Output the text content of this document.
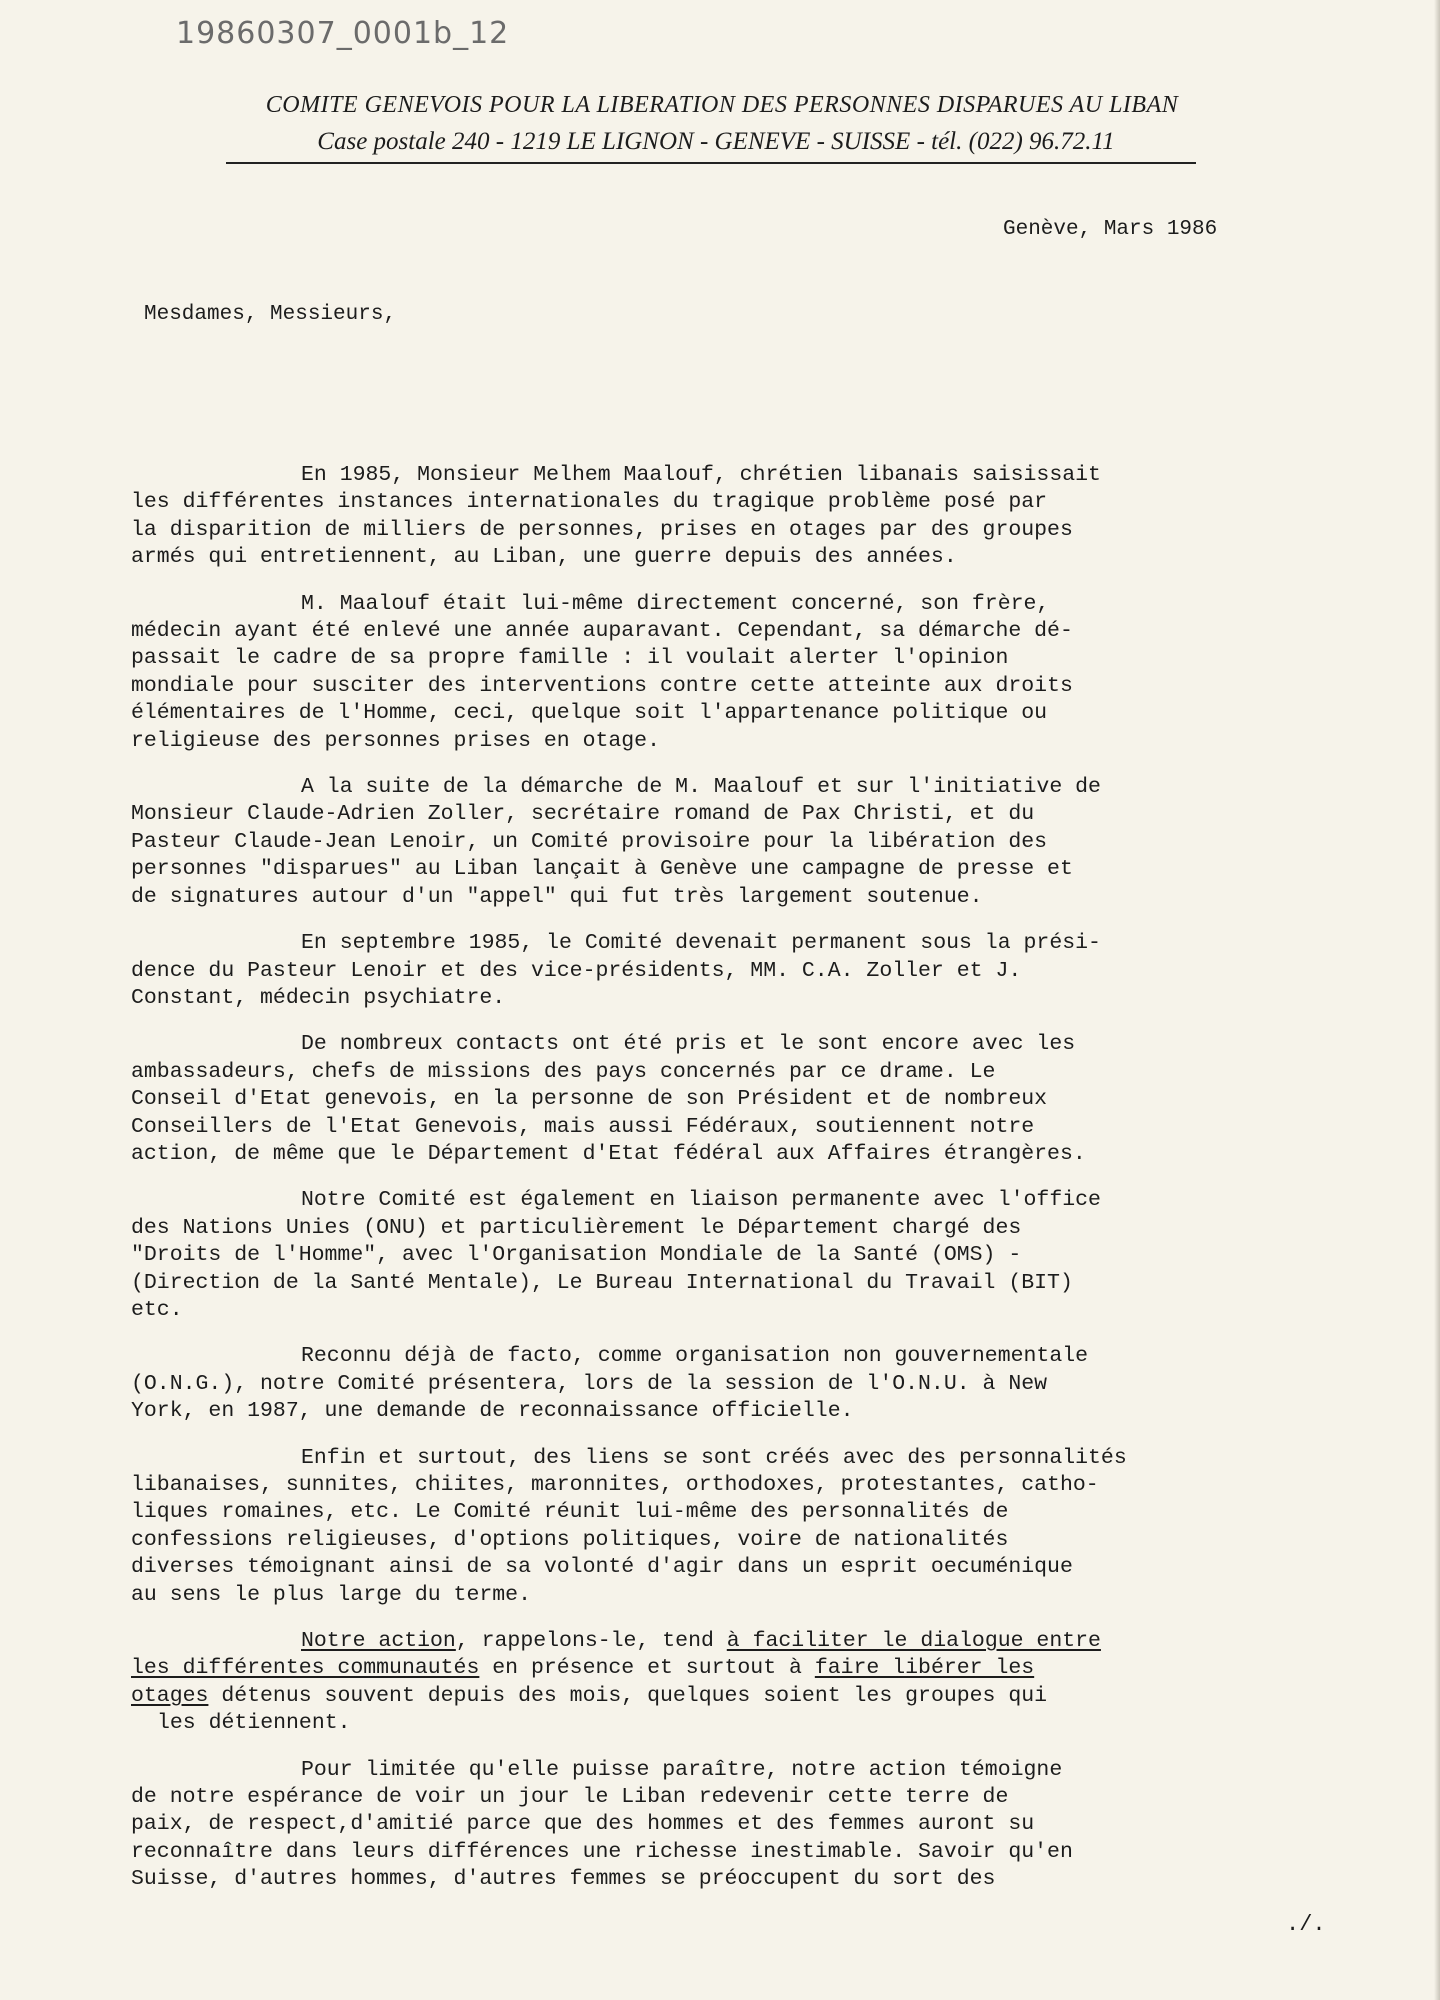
19860307_0001b_12
COMITE GENEVOIS POUR LA LIBERATION DES PERSONNES DISPARUES AU LIBAN
Case postale 240 - 1219 LE LIGNON - GENEVE - SUISSE - tél. (022) 96.72.11
Genève, Mars 1986
Mesdames, Messieurs,

En 1985, Monsieur Melhem Maalouf, chrétien libanais saisissait
les différentes instances internationales du tragique problème posé par
la disparition de milliers de personnes, prises en otages par des groupes
armés qui entretiennent, au Liban, une guerre depuis des années.

M. Maalouf était lui-même directement concerné, son frère,
médecin ayant été enlevé une année auparavant. Cependant, sa démarche dé-
passait le cadre de sa propre famille : il voulait alerter l'opinion
mondiale pour susciter des interventions contre cette atteinte aux droits
élémentaires de l'Homme, ceci, quelque soit l'appartenance politique ou
religieuse des personnes prises en otage.

A la suite de la démarche de M. Maalouf et sur l'initiative de
Monsieur Claude-Adrien Zoller, secrétaire romand de Pax Christi, et du
Pasteur Claude-Jean Lenoir, un Comité provisoire pour la libération des
personnes "disparues" au Liban lançait à Genève une campagne de presse et
de signatures autour d'un "appel" qui fut très largement soutenue.

En septembre 1985, le Comité devenait permanent sous la prési-
dence du Pasteur Lenoir et des vice-présidents, MM. C.A. Zoller et J.
Constant, médecin psychiatre.

De nombreux contacts ont été pris et le sont encore avec les
ambassadeurs, chefs de missions des pays concernés par ce drame. Le
Conseil d'Etat genevois, en la personne de son Président et de nombreux
Conseillers de l'Etat Genevois, mais aussi Fédéraux, soutiennent notre
action, de même que le Département d'Etat fédéral aux Affaires étrangères.

Notre Comité est également en liaison permanente avec l'office
des Nations Unies (ONU) et particulièrement le Département chargé des
"Droits de l'Homme", avec l'Organisation Mondiale de la Santé (OMS) -
(Direction de la Santé Mentale), Le Bureau International du Travail (BIT)
etc.

Reconnu déjà de facto, comme organisation non gouvernementale
(O.N.G.), notre Comité présentera, lors de la session de l'O.N.U. à New
York, en 1987, une demande de reconnaissance officielle.

Enfin et surtout, des liens se sont créés avec des personnalités
libanaises, sunnites, chiites, maronnites, orthodoxes, protestantes, catho-
liques romaines, etc. Le Comité réunit lui-même des personnalités de
confessions religieuses, d'options politiques, voire de nationalités
diverses témoignant ainsi de sa volonté d'agir dans un esprit oecuménique
au sens le plus large du terme.

Notre action, rappelons-le, tend à faciliter le dialogue entre
les différentes communautés en présence et surtout à faire libérer les
otages détenus souvent depuis des mois, quelques soient les groupes qui
les détiennent.

Pour limitée qu'elle puisse paraître, notre action témoigne
de notre espérance de voir un jour le Liban redevenir cette terre de
paix, de respect,d'amitié parce que des hommes et des femmes auront su
reconnaître dans leurs différences une richesse inestimable. Savoir qu'en
Suisse, d'autres hommes, d'autres femmes se préoccupent du sort des

./.
